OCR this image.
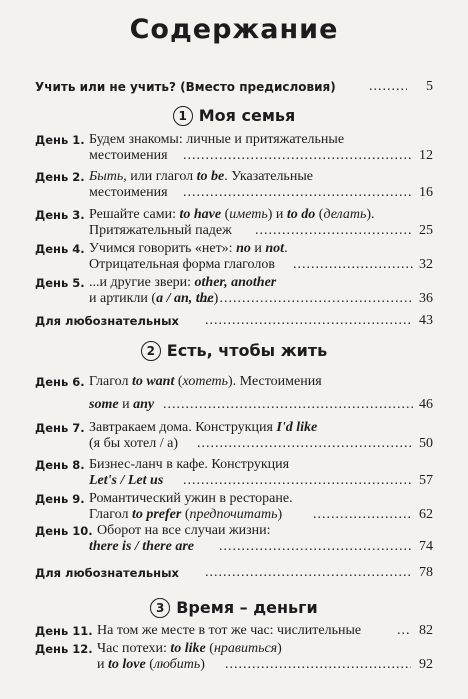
Содержание
Учить или не учить? (Вместо предисловия) .....	5
1 Моя семья
День 1. Будем знакомы: личные и притяжательные
местоимения .....	12
День 2. Быть, или глагол to be. Указательные
местоимения .....	16
День 3. Решайте сами: to have (иметь) и to do (делать).
Притяжательный падеж .....	25
День 4. Учимся говорить «нет»: no и not.
Отрицательная форма глаголов .....	32
День 5. ...и другие звери: other, another
и артикли (a / an, the) .....	36
Для любознательных .....	43
2 Есть, чтобы жить
День 6. Глагол to want (хотеть). Местоимения
some и any .....	46
День 7. Завтракаем дома. Конструкция I'd like
(я бы хотел / а) .....	50
День 8. Бизнес-ланч в кафе. Конструкция
Let's / Let us .....	57
День 9. Романтический ужин в ресторане.
Глагол to prefer (предпочитать) .....	62
День 10. Оборот на все случаи жизни:
there is / there are .....	74
Для любознательных .....	78
3 Время – деньги
День 11. На том же месте в тот же час: числительные .....	82
День 12. Час потехи: to like (нравиться)
и to love (любить) .....	92
